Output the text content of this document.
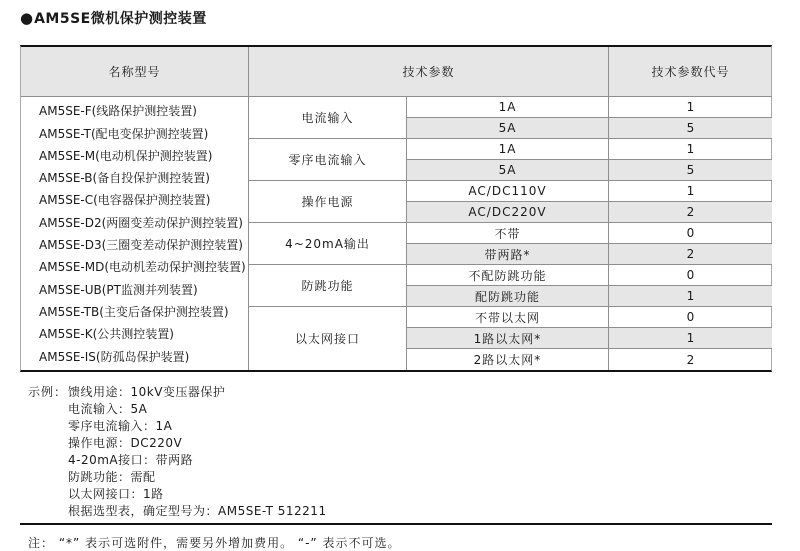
● AM5SE微机保护测控装置
名称型号	技术参数	技术参数代号
AM5SE-F(线路保护测控装置)
AM5SE-T(配电变保护测控装置)
AM5SE-M(电动机保护测控装置)
AM5SE-B(备自投保护测控装置)
AM5SE-C(电容器保护测控装置)
AM5SE-D2(两圈变差动保护测控装置)
AM5SE-D3(三圈变差动保护测控装置)
AM5SE-MD(电动机差动保护测控装置)
AM5SE-UB(PT监测并列装置)
AM5SE-TB(主变后备保护测控装置)
AM5SE-K(公共测控装置)
AM5SE-IS(防孤岛保护装置)
电流输入
1A	1
5A	5
零序电流输入
1A	1
5A	5
操作电源
AC/DC110V	1
AC/DC220V	2
4~20mA输出
不带	0
带两路*	2
防跳功能
不配防跳功能	0
配防跳功能	1
以太网接口
不带以太网	0
1路以太网*	1
2路以太网*	2
示例： 馈线用途：10kV变压器保护
电流输入：5A
零序电流输入：1A
操作电源：DC220V
4-20mA接口：带两路
防跳功能：需配
以太网接口：1路
根据选型表，确定型号为：AM5SE-T 512211
注： “*” 表示可选附件，需要另外增加费用。 “-” 表示不可选。
